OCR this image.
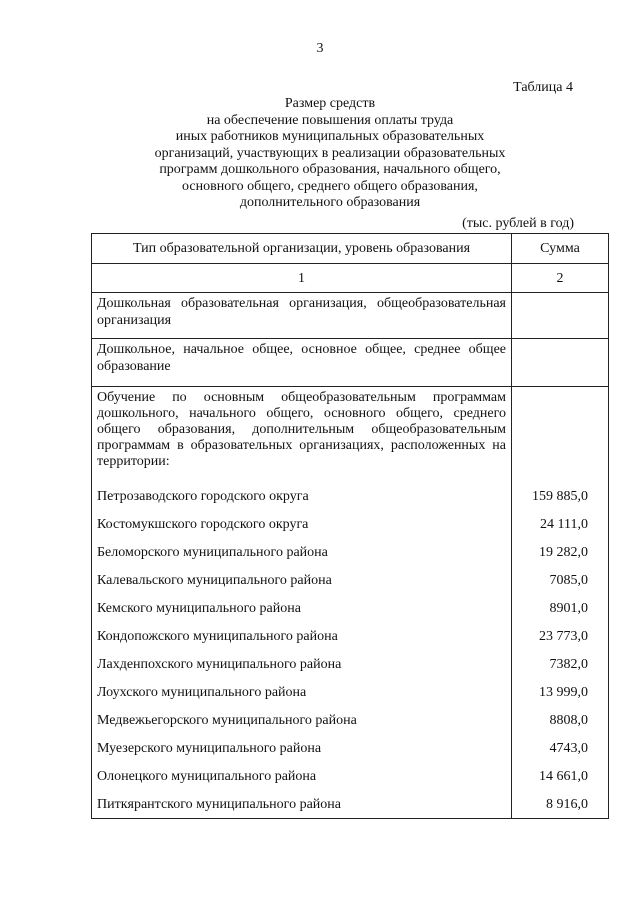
3
Таблица 4
Размер средств
на обеспечение повышения оплаты труда
иных работников муниципальных образовательных
организаций, участвующих в реализации образовательных
программ дошкольного образования, начального общего,
основного общего, среднего общего образования,
дополнительного образования
(тыс. рублей в год)
Тип образовательной организации, уровень образования	Сумма
1	2
Дошкольная образовательная организация, общеобразовательная организация	
Дошкольное, начальное общее, основное общее, среднее общее образование	

Обучение по основным общеобразовательным программам дошкольного, начального общего, основного общего, среднего общего образования, дополнительным общеобразовательным программам в образовательных организациях, расположенных на территории:	

Петрозаводского городского округа	159 885,0
Костомукшского городского округа	24 111,0
Беломорского муниципального района	19 282,0
Калевальского муниципального района	7085,0
Кемского муниципального района	8901,0
Кондопожского муниципального района	23 773,0
Лахденпохского муниципального района	7382,0
Лоухского муниципального района	13 999,0
Медвежьегорского муниципального района	8808,0
Муезерского муниципального района	4743,0
Олонецкого муниципального района	14 661,0
Питкярантского муниципального района	8 916,0
